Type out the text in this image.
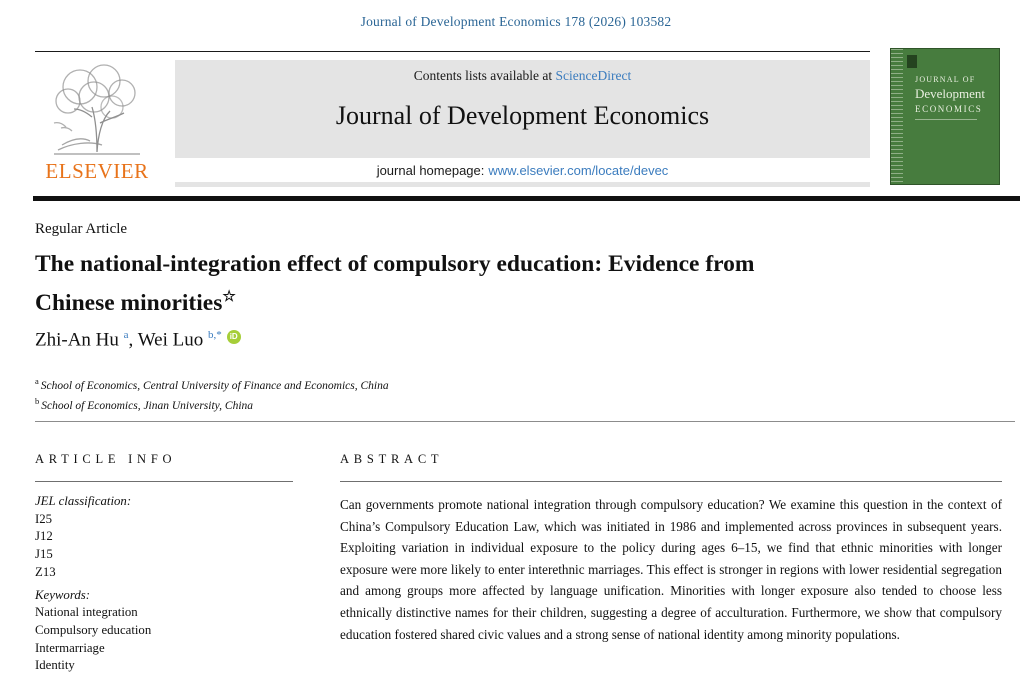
Journal of Development Economics 178 (2026) 103582
ELSEVIER
Contents lists available at ScienceDirect
Journal of Development Economics
journal homepage: www.elsevier.com/locate/devec
JOURNAL OF
Development
ECONOMICS
Regular Article
The national-integration effect of compulsory education: Evidence from Chinese minorities☆
Zhi-An Hu $^a$, Wei Luo $^{b,*}$ iD
$^a$ School of Economics, Central University of Finance and Economics, China
$^b$ School of Economics, Jinan University, China
ARTICLE INFO
JEL classification:
I25
J12
J15
Z13
Keywords:
National integration
Compulsory education
Intermarriage
Identity
ABSTRACT
Can governments promote national integration through compulsory education? We examine this question in the context of China’s Compulsory Education Law, which was initiated in 1986 and implemented across provinces in subsequent years. Exploiting variation in individual exposure to the policy during ages 6–15, we find that ethnic minorities with longer exposure were more likely to enter interethnic marriages. This effect is stronger in regions with lower residential segregation and among groups more affected by language unification. Minorities with longer exposure also tended to choose less ethnically distinctive names for their children, suggesting a degree of acculturation. Furthermore, we show that compulsory education fostered shared civic values and a strong sense of national identity among minority populations.
